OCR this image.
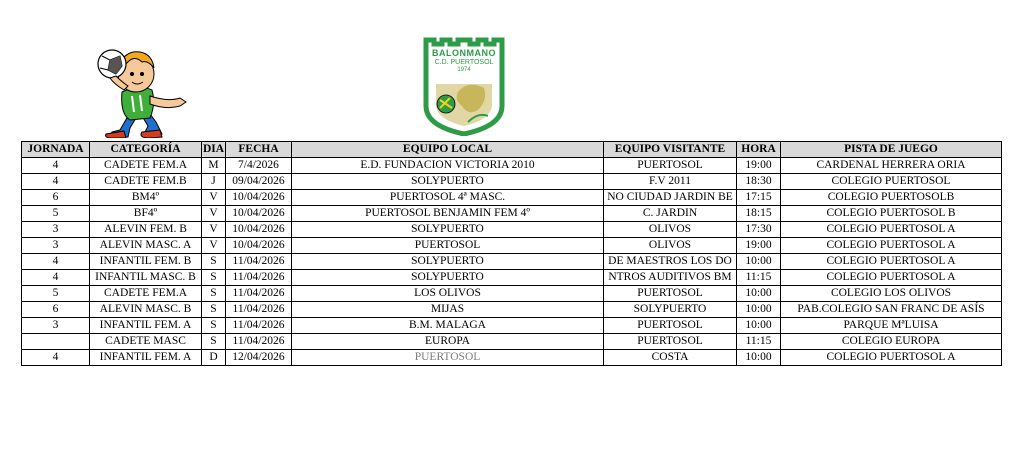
BALONMANO
C.D. PUERTOSOL
1974
JORNADA	CATEGORÍA	DIA	FECHA	EQUIPO LOCAL	EQUIPO VISITANTE	HORA	PISTA DE JUEGO
4	CADETE FEM.A	M	7/4/2026	E.D. FUNDACION VICTORIA 2010	PUERTOSOL	19:00	CARDENAL HERRERA ORIA
4	CADETE FEM.B	J	09/04/2026	SOLYPUERTO	F.V 2011	18:30	COLEGIO PUERTOSOL
6	BM4º	V	10/04/2026	PUERTOSOL 4ª MASC.	NO CIUDAD JARDIN BE	17:15	COLEGIO PUERTOSOLB
5	BF4º	V	10/04/2026	PUERTOSOL BENJAMIN FEM 4º	C. JARDIN	18:15	COLEGIO PUERTOSOL B
3	ALEVIN FEM. B	V	10/04/2026	SOLYPUERTO	OLIVOS	17:30	COLEGIO PUERTOSOL A
3	ALEVIN MASC. A	V	10/04/2026	PUERTOSOL	OLIVOS	19:00	COLEGIO PUERTOSOL A
4	INFANTIL FEM. B	S	11/04/2026	SOLYPUERTO	DE MAESTROS LOS DO	10:00	COLEGIO PUERTOSOL A
4	INFANTIL MASC. B	S	11/04/2026	SOLYPUERTO	NTROS AUDITIVOS BM	11:15	COLEGIO PUERTOSOL A
5	CADETE FEM.A	S	11/04/2026	LOS OLIVOS	PUERTOSOL	10:00	COLEGIO LOS OLIVOS
6	ALEVIN MASC. B	S	11/04/2026	MIJAS	SOLYPUERTO	10:00	PAB.COLEGIO SAN FRANC DE ASÍS
3	INFANTIL FEM. A	S	11/04/2026	B.M. MALAGA	PUERTOSOL	10:00	PARQUE MªLUISA
	CADETE MASC	S	11/04/2026	EUROPA	PUERTOSOL	11:15	COLEGIO EUROPA
4	INFANTIL FEM. A	D	12/04/2026	PUERTOSOL	COSTA	10:00	COLEGIO PUERTOSOL A
